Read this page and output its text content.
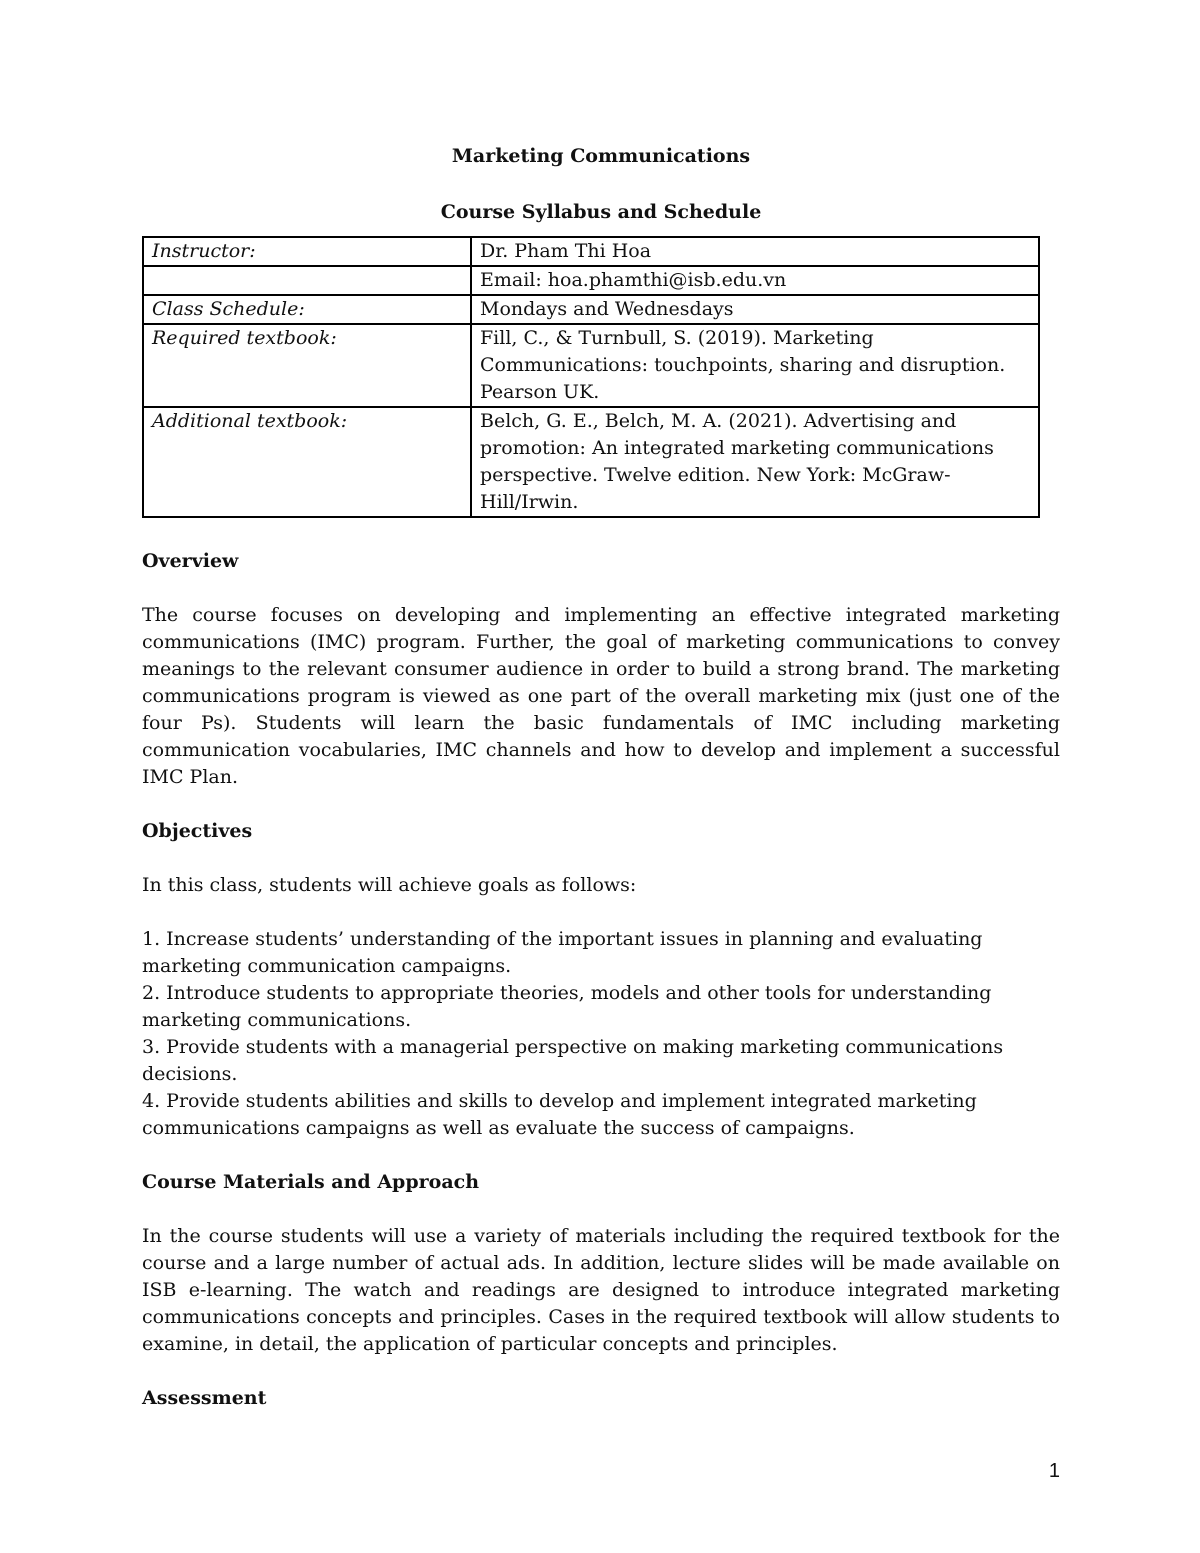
Marketing Communications
Course Syllabus and Schedule
Instructor:	Dr. Pham Thi Hoa
	Email: hoa.phamthi@isb.edu.vn
Class Schedule:	Mondays and Wednesdays
Required textbook:	Fill, C., & Turnbull, S. (2019). Marketing Communications: touchpoints, sharing and disruption. Pearson UK.
Additional textbook:	Belch, G. E., Belch, M. A. (2021). Advertising and promotion: An integrated marketing communications perspective. Twelve edition. New York: McGraw-Hill/Irwin.

Overview

The course focuses on developing and implementing an effective integrated marketing communications (IMC) program. Further, the goal of marketing communications to convey meanings to the relevant consumer audience in order to build a strong brand. The marketing communications program is viewed as one part of the overall marketing mix (just one of the four Ps). Students will learn the basic fundamentals of IMC including marketing communication vocabularies, IMC channels and how to develop and implement a successful IMC Plan.

Objectives

In this class, students will achieve goals as follows:

1. Increase students’ understanding of the important issues in planning and evaluating marketing communication campaigns.
2. Introduce students to appropriate theories, models and other tools for understanding marketing communications.
3. Provide students with a managerial perspective on making marketing communications decisions.
4. Provide students abilities and skills to develop and implement integrated marketing communications campaigns as well as evaluate the success of campaigns.

Course Materials and Approach

In the course students will use a variety of materials including the required textbook for the course and a large number of actual ads. In addition, lecture slides will be made available on ISB e-learning. The watch and readings are designed to introduce integrated marketing communications concepts and principles. Cases in the required textbook will allow students to examine, in detail, the application of particular concepts and principles.

Assessment

1
